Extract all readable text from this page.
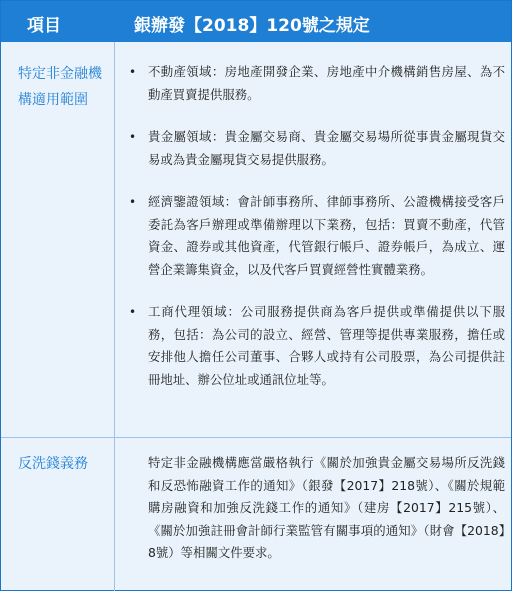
項目	銀辦發【2018】120號之規定
特定非金融機構適用範圍
• 不動產領域：房地產開發企業、房地產中介機構銷售房屋、為不動產買賣提供服務。
• 貴金屬領域：貴金屬交易商、貴金屬交易場所從事貴金屬現貨交易或為貴金屬現貨交易提供服務。
• 經濟鑒證領域：會計師事務所、律師事務所、公證機構接受客戶委託為客戶辦理或準備辦理以下業務，包括：買賣不動產，代管資金、證券或其他資產，代管銀行帳戶、證券帳戶，為成立、運營企業籌集資金，以及代客戶買賣經營性實體業務。
• 工商代理領域：公司服務提供商為客戶提供或準備提供以下服務，包括：為公司的設立、經營、管理等提供專業服務，擔任或安排他人擔任公司董事、合夥人或持有公司股票，為公司提供註冊地址、辦公位址或通訊位址等。
反洗錢義務	特定非金融機構應當嚴格執行《關於加強貴金屬交易場所反洗錢和反恐怖融資工作的通知》（銀發【2017】218號）、《關於規範購房融資和加強反洗錢工作的通知》（建房【2017】215號）、《關於加強註冊會計師行業監管有關事項的通知》（財會【2018】8號）等相關文件要求。
